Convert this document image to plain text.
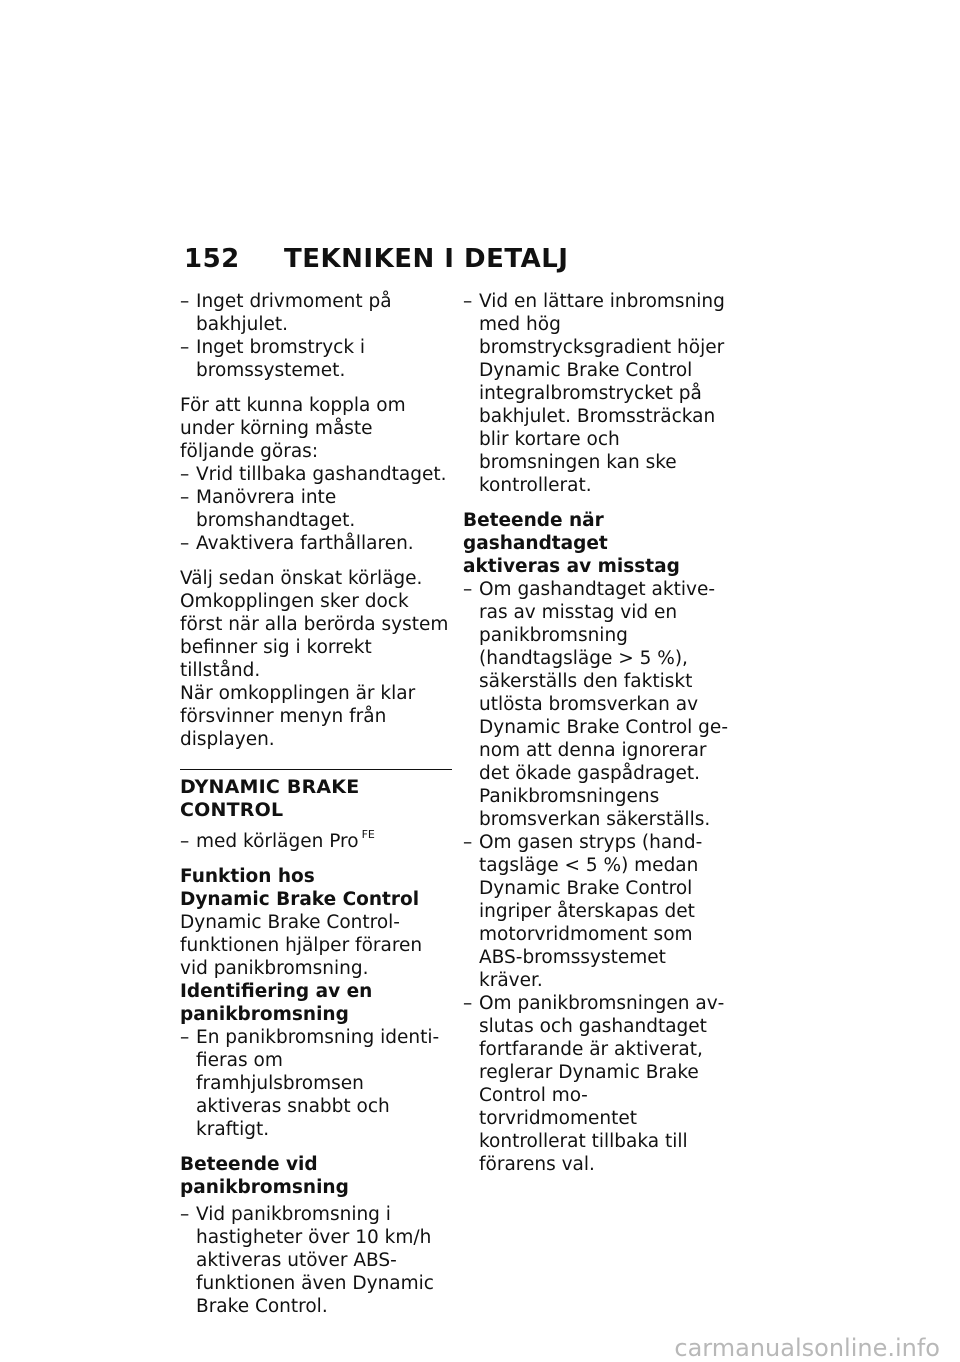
152 TEKNIKEN I DETALJ
– Inget drivmoment på bakhjulet.
– Inget bromstryck i bromssystemet.

För att kunna koppla om under körning måste följande göras:

– Vrid tillbaka gashandtaget.
– Manövrera inte bromshandtaget.
– Avaktivera farthållaren.

Välj sedan önskat körläge. Omkopplingen sker dock först när alla berörda system befinner sig i korrekt tillstånd.

När omkopplingen är klar försvinner menyn från displayen.

DYNAMIC BRAKE CONTROL
– med körlägen Pro $^{FE}$
Funktion hos
Dynamic Brake Control

Dynamic Brake Control-funktionen hjälper föraren vid panikbromsning.

Identifiering av en
panikbromsning
– En panikbromsning identifieras om framhjulsbromsen aktiveras snabbt och kraftigt.
Beteende vid panikbromsning
– Vid panikbromsning i hastigheter över 10 km/h aktiveras utöver ABS-funktionen även Dynamic Brake Control.
– Vid en lättare inbromsning med hög bromstrycksgradient höjer Dynamic Brake Control integralbromstrycket på bakhjulet. Bromssträckan blir kortare och bromsningen kan ske kontrollerat.
Beteende när gashandtaget
aktiveras av misstag
– Om gashandtaget aktiveras av misstag vid en panikbromsning (handtagsläge > 5 %), säkerställs den faktiskt utlösta bromsverkan av Dynamic Brake Control genom att denna ignorerar det ökade gaspådraget. Panikbromsningens bromsverkan säkerställs.
– Om gasen stryps (handtagsläge < 5 %) medan Dynamic Brake Control ingriper återskapas det motorvridmoment som ABS-bromssystemet kräver.
– Om panikbromsningen avslutas och gashandtaget fortfarande är aktiverat, reglerar Dynamic Brake Control motorvridmomentet kontrollerat tillbaka till förarens val.
carmanualsonline.info
